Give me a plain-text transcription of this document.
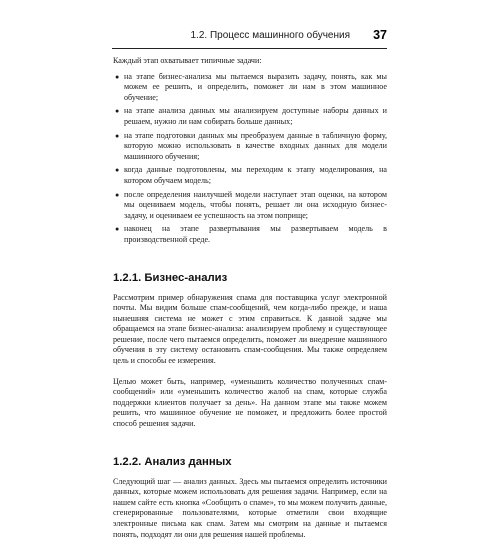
1.2. Процесс машинного обучения 37

Каждый этап охватывает типичные задачи:

● на этапе бизнес-анализа мы пытаемся выразить задачу, понять, как мы можем ее решить, и определить, поможет ли нам в этом машинное обучение;
● на этапе анализа данных мы анализируем доступные наборы данных и решаем, нужно ли нам собирать больше данных;
● на этапе подготовки данных мы преобразуем данные в табличную форму, которую можно использовать в качестве входных данных для модели машинного обучения;
● когда данные подготовлены, мы переходим к этапу моделирования, на котором обучаем модель;
● после определения наилучшей модели наступает этап оценки, на котором мы оцениваем модель, чтобы понять, решает ли она исходную бизнес-задачу, и оцениваем ее успешность на этом поприще;
● наконец на этапе развертывания мы развертываем модель в производственной среде.
1.2.1. Бизнес-анализ

Рассмотрим пример обнаружения спама для поставщика услуг электронной почты. Мы видим больше спам-сообщений, чем когда-либо прежде, и наша нынешняя система не может с этим справиться. К данной задаче мы обращаемся на этапе бизнес-анализа: анализируем проблему и существующее решение, после чего пытаемся определить, поможет ли внедрение машинного обучения в эту систему остановить спам-сообщения. Мы также определяем цель и способы ее измерения.

Целью может быть, например, «уменьшить количество полученных спам-сообщений» или «уменьшить количество жалоб на спам, которые служба поддержки клиентов получает за день». На данном этапе мы также можем решить, что машинное обучение не поможет, и предложить более простой способ решения задачи.

1.2.2. Анализ данных

Следующий шаг — анализ данных. Здесь мы пытаемся определить источники данных, которые можем использовать для решения задачи. Например, если на нашем сайте есть кнопка «Сообщить о спаме», то мы можем получить данные, сгенерированные пользователями, которые отметили свои входящие электронные письма как спам. Затем мы смотрим на данные и пытаемся понять, подходят ли они для решения нашей проблемы.
